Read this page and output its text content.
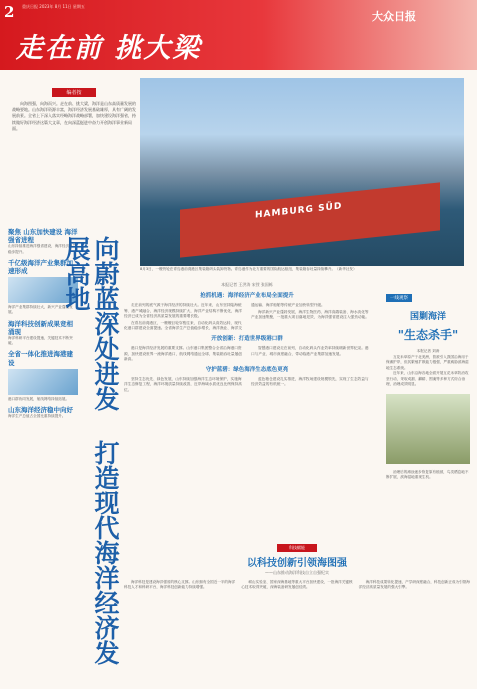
2 重庆日报 2023年 8月 11日 星期五
走在前 挑大梁
大众日报
编者按

向海图强，向海而兴。走在前、挑大梁，海洋是山东高质量发展的战略要地。山东海洋资源丰富，海洋经济发展基础雄厚，具有广阔的发展前景。全省上下深入落实经略海洋战略部署，加快建设海洋强省，持续做好海洋经济这篇大文章，在向深蓝挺进中奋力开创海洋事业新局面。

HAMBURG SÜD
8月3日，一艘货轮在青岛港前湾港区集装箱码头装卸货物。青岛港作为北方重要的国际航运枢纽，集装箱吞吐量持续攀升。（新华社发）
聚焦 山东加快建设 海洋强省进程
山东持续推进海洋强省建设，海洋经济总量稳步提升。
千亿级海洋产业集群加速形成
海洋产业集群持续壮大，新兴产业蓬勃发展。
海洋科技创新成果竞相涌现
海洋科研平台建设提速，关键技术不断突破。
全省一体化推进海港建设
港口群协同发展，航线网络持续拓展。
山东海洋经济稳中向好
海洋生产总值占全国比重持续提升。	向蔚蓝深处进发 打造现代海洋经济发展高地	本报记者 王洪涛 宋弢 张国栋
抢抓机遇：海洋经济产业布局全面提升

走在前列的底气源于海洋经济的持续壮大。近年来，山东坚持陆海统筹、港产城融合，海洋经济规模持续扩大，海洋产业结构不断优化，海洋经济已成为全省经济高质量发展的重要增长极。

在青岛前湾港区，一艘艘巨轮穿梭往来，自动化码头高效运转，现代化港口群建设全面提速。全省海洋生产总值稳步增长，海洋渔业、海洋交通运输、海洋船舶等传统产业加快转型升级。

海洋新兴产业蓬勃发展，海洋生物医药、海洋高端装备、海水淡化等产业加速集聚，一批重大项目落地见效，为海洋强省建设注入强劲动能。

开放创新：打造世界级港口群

港口是海洋经济发展的重要支撑。山东港口集团整合全省沿海港口资源，加快建设世界一流海洋港口，航线网络通达全球，集装箱吞吐量屡创新高。

智慧港口建设走在前列，自动化码头作业效率持续刷新世界纪录。港口与产业、城市深度融合，带动临港产业集群加速发展。

守护蓝碧：绿色海洋生态底色更亮

坚持生态优先、绿色发展，山东持续加强海洋生态环境保护，实施海洋生态修复工程，海洋环境质量持续改善，近岸海域水质优良比例保持高位。

蓝色粮仓建设扎实推进，海洋牧场建设规模领先，实现了生态效益与经济效益的有机统一。

一线观察
国剿海洋
"生态杀手"

本报记者 刘涛

互花米草原产于北美洲，曾被引入我国沿海用于保滩护岸，但其繁殖扩散能力极强，严重威胁滨海湿地生态系统。

近年来，山东沿海各地全面开展互花米草防治攻坚行动，采取刈割、翻耕、围淹等多种方式综合治理，治理成效明显。

治理后的滩涂逐步恢复原有植被，鸟类栖息地不断扩展，滨海湿地重现生机。

科技赋能
以科技创新引领海图强
——山东推动海洋科技自立自强纪实

海洋科技是建设海洋强省的核心支撑。山东拥有全国近一半的海洋科技人才和科研平台，海洋科技创新能力持续增强。

崂山实验室、国家深海基地等重大平台加快建设，一批海洋关键核心技术取得突破，深海装备研发屡创佳绩。

海洋科技成果转化提速，产学研深度融合，科技创新正成为引领海洋经济高质量发展的强大引擎。
